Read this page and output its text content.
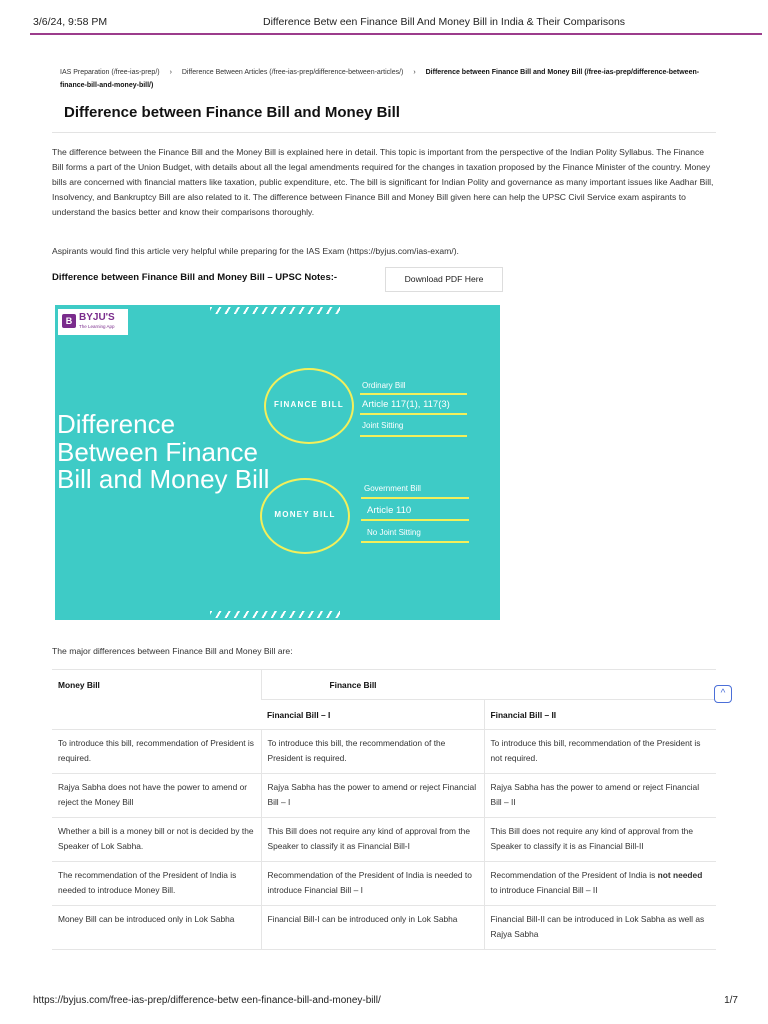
3/6/24, 9:58 PM	Difference Betw een Finance Bill And Money Bill in India & Their Comparisons
IAS Preparation (/free-ias-prep/) › Difference Between Articles (/free-ias-prep/difference-between-articles/) › Difference between Finance Bill and Money Bill (/free-ias-prep/difference-between-finance-bill-and-money-bill/)
Difference between Finance Bill and Money Bill

The difference between the Finance Bill and the Money Bill is explained here in detail. This topic is important from the perspective of the Indian Polity Syllabus. The Finance Bill forms a part of the Union Budget, with details about all the legal amendments required for the changes in taxation proposed by the Finance Minister of the country. Money bills are concerned with financial matters like taxation, public expenditure, etc. The bill is significant for Indian Polity and governance as many important issues like Aadhar Bill, Insolvency, and Bankruptcy Bill are also related to it. The difference between Finance Bill and Money Bill given here can help the UPSC Civil Service exam aspirants to understand the basics better and know their comparisons thoroughly.

Aspirants would find this article very helpful while preparing for the IAS Exam (https://byjus.com/ias-exam/).

Difference between Finance Bill and Money Bill – UPSC Notes:-	Download PDF Here
B BYJU'S
The Learning App
Difference Between Finance Bill and Money Bill
FINANCE BILL
MONEY BILL
Ordinary Bill
Article 117(1), 117(3)
Joint Sitting
Government Bill
Article 110
No Joint Sitting

The major differences between Finance Bill and Money Bill are:

Money Bill	Finance Bill	
	Financial Bill – I	Financial Bill – II
To introduce this bill, recommendation of President is required.	To introduce this bill, the recommendation of the President is required.	To introduce this bill, recommendation of the President is not required.
Rajya Sabha does not have the power to amend or reject the Money Bill	Rajya Sabha has the power to amend or reject Financial Bill – I	Rajya Sabha has the power to amend or reject Financial Bill – II
Whether a bill is a money bill or not is decided by the Speaker of Lok Sabha.	This Bill does not require any kind of approval from the Speaker to classify it as Financial Bill-I	This Bill does not require any kind of approval from the Speaker to classify it is as Financial Bill-II
The recommendation of the President of India is needed to introduce Money Bill.	Recommendation of the President of India is needed to introduce Financial Bill – I	Recommendation of the President of India is not needed to introduce Financial Bill – II
Money Bill can be introduced only in Lok Sabha	Financial Bill-I can be introduced only in Lok Sabha	Financial Bill-II can be introduced in Lok Sabha as well as Rajya Sabha
^
https://byjus.com/free-ias-prep/difference-betw een-finance-bill-and-money-bill/	1/7
